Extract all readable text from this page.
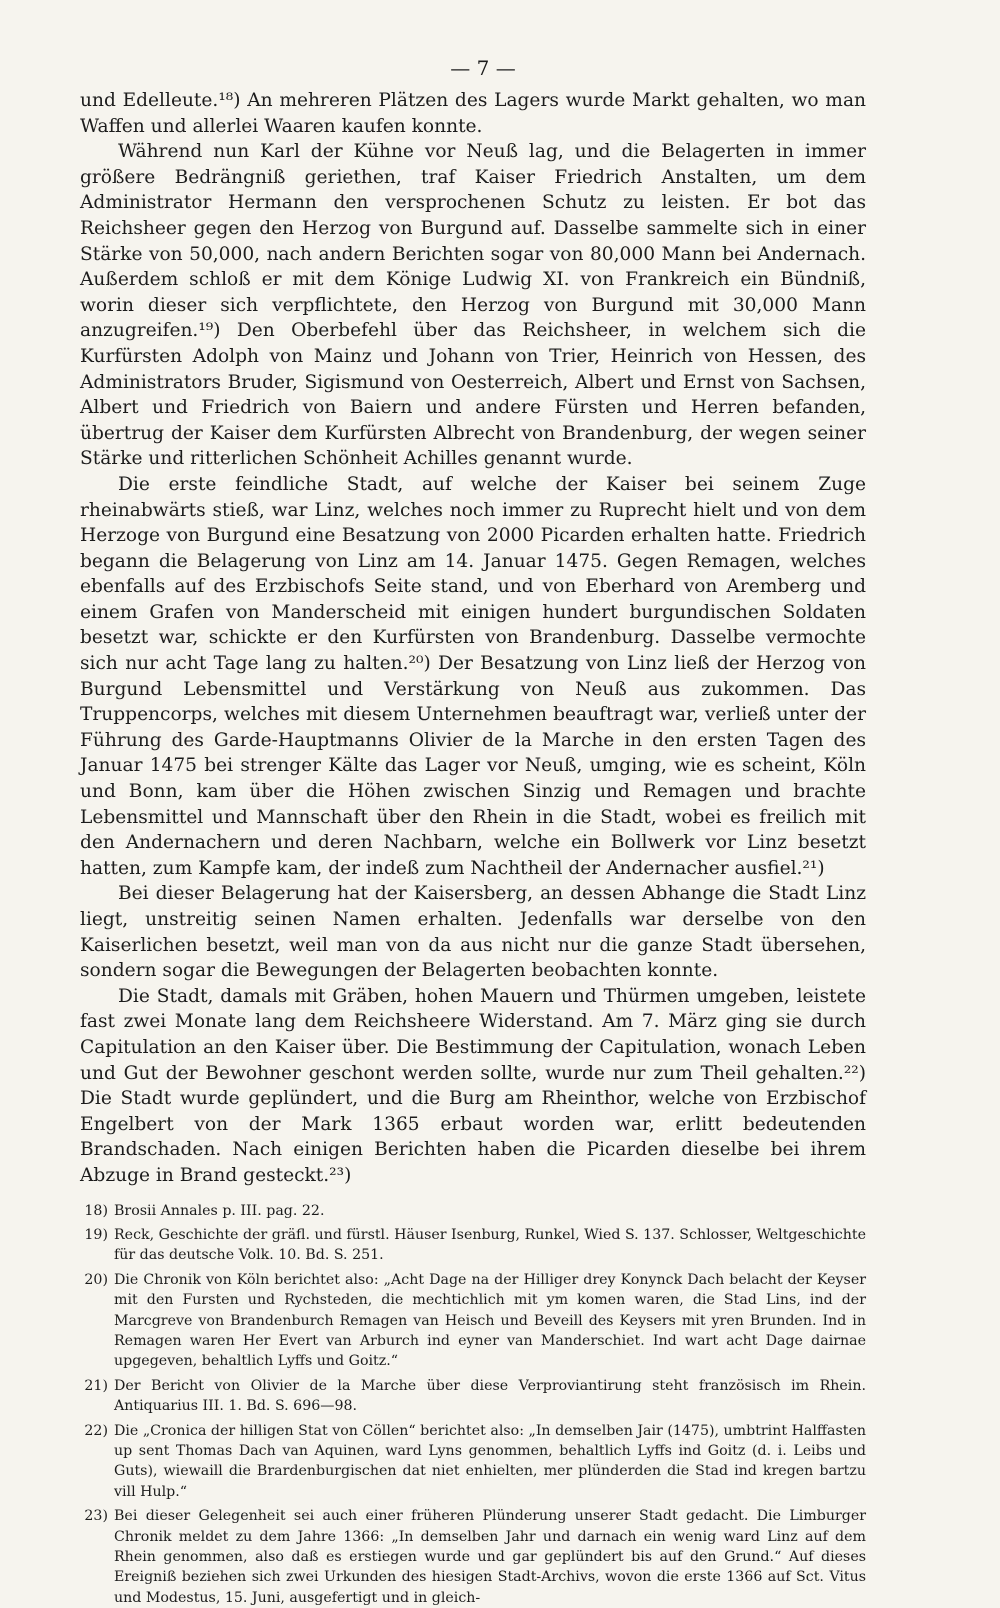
— 7 —

und Edelleute.¹⁸) An mehreren Plätzen des Lagers wurde Markt gehalten, wo man Waffen und allerlei Waaren kaufen konnte.

Während nun Karl der Kühne vor Neuß lag, und die Belagerten in immer größere Bedrängniß geriethen, traf Kaiser Friedrich Anstalten, um dem Administrator Hermann den versprochenen Schutz zu leisten. Er bot das Reichsheer gegen den Herzog von Burgund auf. Dasselbe sammelte sich in einer Stärke von 50,000, nach andern Berichten sogar von 80,000 Mann bei Andernach. Außerdem schloß er mit dem Könige Ludwig XI. von Frankreich ein Bündniß, worin dieser sich verpflichtete, den Herzog von Burgund mit 30,000 Mann anzugreifen.¹⁹) Den Oberbefehl über das Reichsheer, in welchem sich die Kurfürsten Adolph von Mainz und Johann von Trier, Heinrich von Hessen, des Administrators Bruder, Sigismund von Oesterreich, Albert und Ernst von Sachsen, Albert und Friedrich von Baiern und andere Fürsten und Herren befanden, übertrug der Kaiser dem Kurfürsten Albrecht von Brandenburg, der wegen seiner Stärke und ritterlichen Schönheit Achilles genannt wurde.

Die erste feindliche Stadt, auf welche der Kaiser bei seinem Zuge rheinabwärts stieß, war Linz, welches noch immer zu Ruprecht hielt und von dem Herzoge von Burgund eine Besatzung von 2000 Picarden erhalten hatte. Friedrich begann die Belagerung von Linz am 14. Januar 1475. Gegen Remagen, welches ebenfalls auf des Erzbischofs Seite stand, und von Eberhard von Aremberg und einem Grafen von Manderscheid mit einigen hundert burgundischen Soldaten besetzt war, schickte er den Kurfürsten von Brandenburg. Dasselbe vermochte sich nur acht Tage lang zu halten.²⁰) Der Besatzung von Linz ließ der Herzog von Burgund Lebensmittel und Verstärkung von Neuß aus zukommen. Das Truppencorps, welches mit diesem Unternehmen beauftragt war, verließ unter der Führung des Garde-Hauptmanns Olivier de la Marche in den ersten Tagen des Januar 1475 bei strenger Kälte das Lager vor Neuß, umging, wie es scheint, Köln und Bonn, kam über die Höhen zwischen Sinzig und Remagen und brachte Lebensmittel und Mannschaft über den Rhein in die Stadt, wobei es freilich mit den Andernachern und deren Nachbarn, welche ein Bollwerk vor Linz besetzt hatten, zum Kampfe kam, der indeß zum Nachtheil der Andernacher ausfiel.²¹)

Bei dieser Belagerung hat der Kaisersberg, an dessen Abhange die Stadt Linz liegt, unstreitig seinen Namen erhalten. Jedenfalls war derselbe von den Kaiserlichen besetzt, weil man von da aus nicht nur die ganze Stadt übersehen, sondern sogar die Bewegungen der Belagerten beobachten konnte.

Die Stadt, damals mit Gräben, hohen Mauern und Thürmen umgeben, leistete fast zwei Monate lang dem Reichsheere Widerstand. Am 7. März ging sie durch Capitulation an den Kaiser über. Die Bestimmung der Capitulation, wonach Leben und Gut der Bewohner geschont werden sollte, wurde nur zum Theil gehalten.²²) Die Stadt wurde geplündert, und die Burg am Rheinthor, welche von Erzbischof Engelbert von der Mark 1365 erbaut worden war, erlitt bedeutenden Brandschaden. Nach einigen Berichten haben die Picarden dieselbe bei ihrem Abzuge in Brand gesteckt.²³)

18) Brosii Annales p. III. pag. 22.
19) Reck, Geschichte der gräfl. und fürstl. Häuser Isenburg, Runkel, Wied S. 137. Schlosser, Weltgeschichte für das deutsche Volk. 10. Bd. S. 251.
20) Die Chronik von Köln berichtet also: „Acht Dage na der Hilliger drey Konynck Dach belacht der Keyser mit den Fursten und Rychsteden, die mechtichlich mit ym komen waren, die Stad Lins, ind der Marcgreve von Brandenburch Remagen van Heisch und Beveill des Keysers mit yren Brunden. Ind in Remagen waren Her Evert van Arburch ind eyner van Manderschiet. Ind wart acht Dage dairnae upgegeven, behaltlich Lyffs und Goitz.“
21) Der Bericht von Olivier de la Marche über diese Verproviantirung steht französisch im Rhein. Antiquarius III. 1. Bd. S. 696—98.
22) Die „Cronica der hilligen Stat von Cöllen“ berichtet also: „In demselben Jair (1475), umbtrint Halffasten up sent Thomas Dach van Aquinen, ward Lyns genommen, behaltlich Lyffs ind Goitz (d. i. Leibs und Guts), wiewaill die Brardenburgischen dat niet enhielten, mer plünderden die Stad ind kregen bartzu vill Hulp.“
23) Bei dieser Gelegenheit sei auch einer früheren Plünderung unserer Stadt gedacht. Die Limburger Chronik meldet zu dem Jahre 1366: „In demselben Jahr und darnach ein wenig ward Linz auf dem Rhein genommen, also daß es erstiegen wurde und gar geplündert bis auf den Grund.“ Auf dieses Ereigniß beziehen sich zwei Urkunden des hiesigen Stadt-Archivs, wovon die erste 1366 auf Sct. Vitus und Modestus, 15. Juni, ausgefertigt und in gleich-
